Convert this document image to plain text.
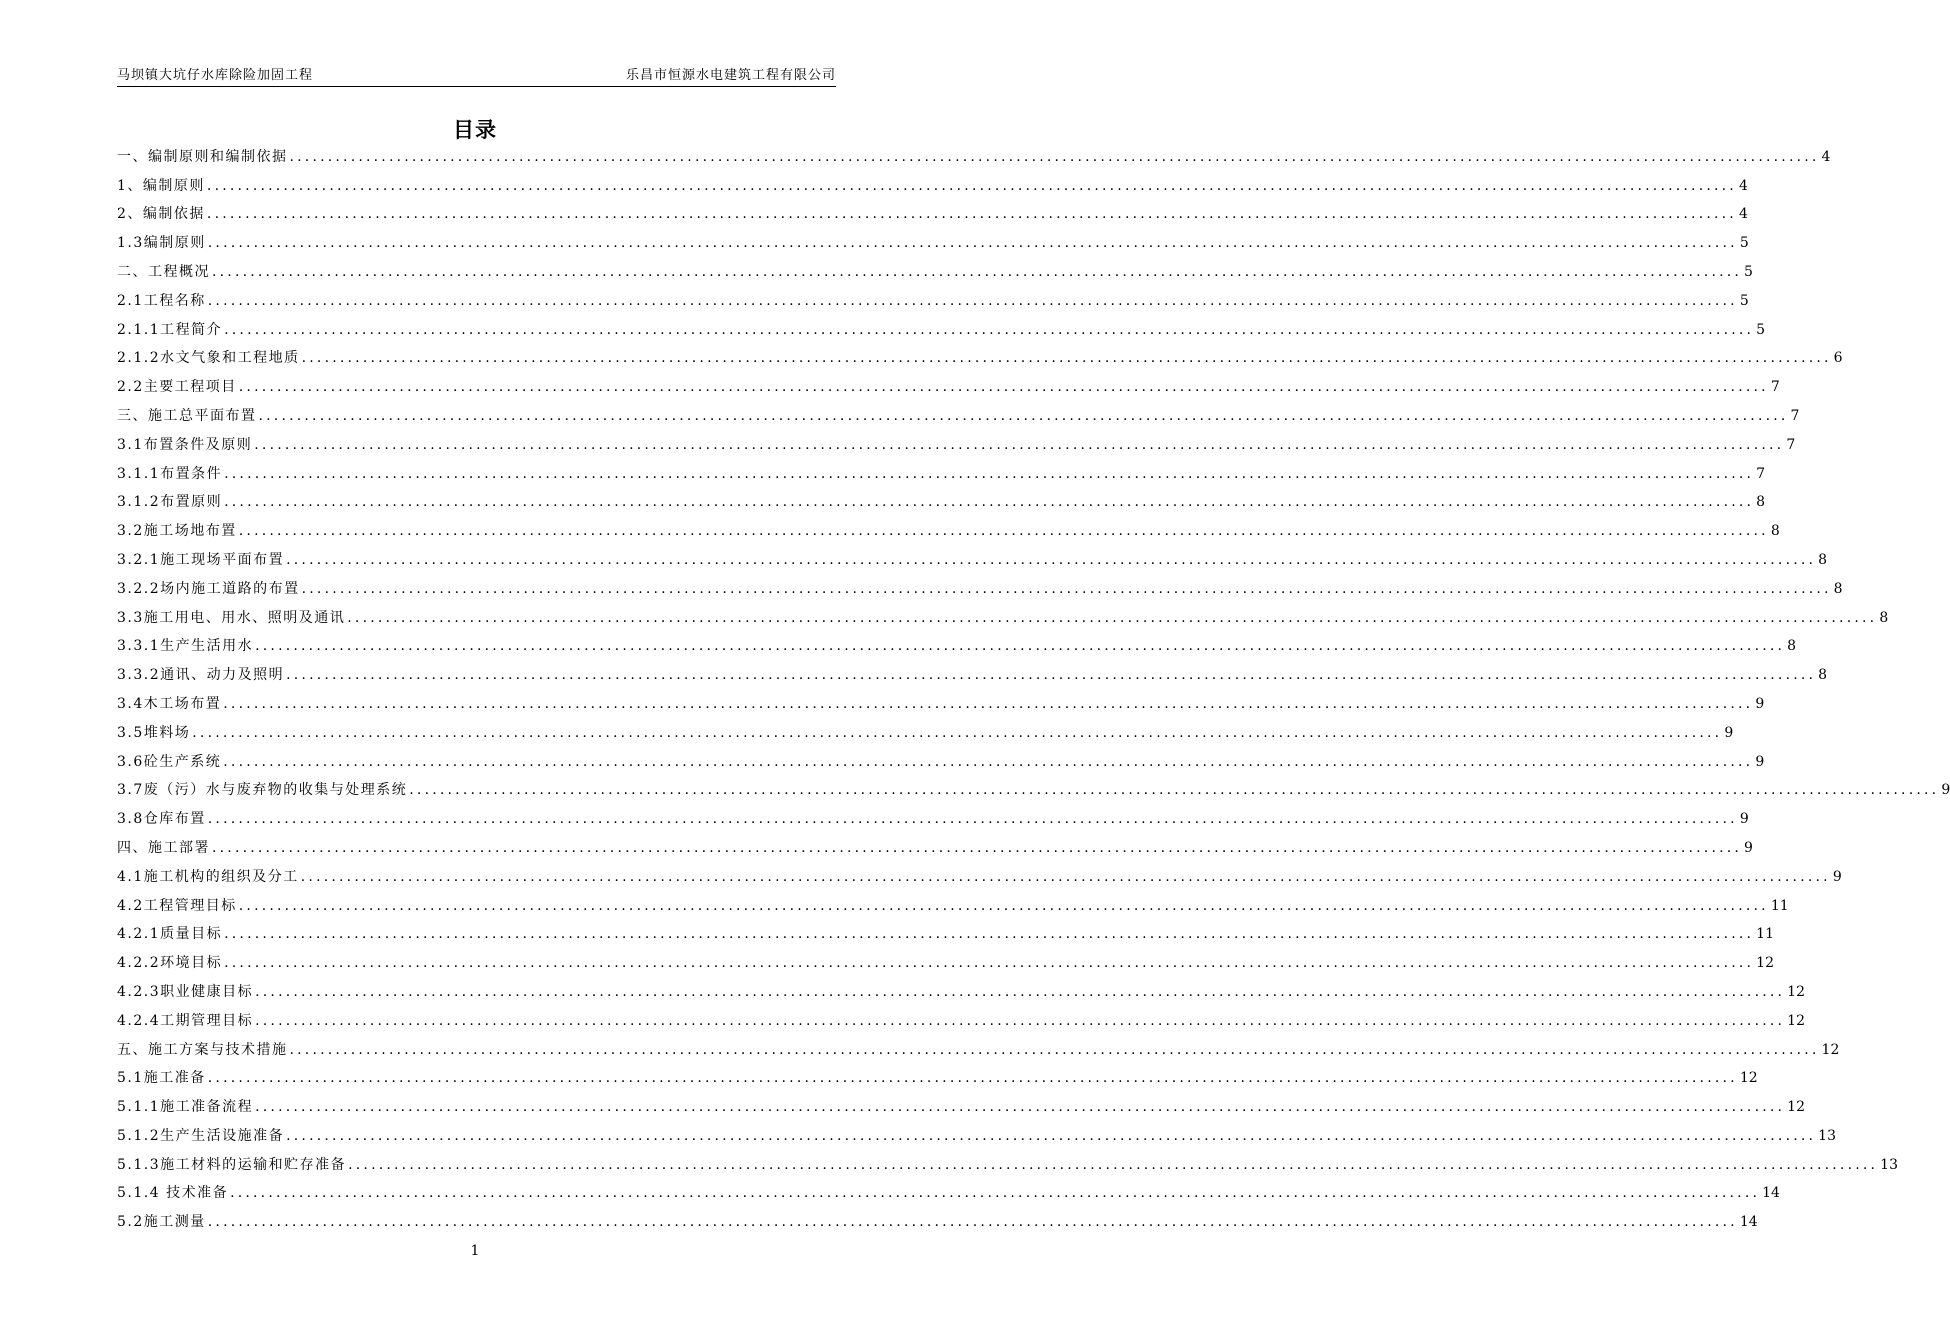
马坝镇大坑仔水库除险加固工程	乐昌市恒源水电建筑工程有限公司
目录
一、编制原则和编制依据 ........................................................................................................................................................................................................ 4
1、编制原则 ........................................................................................................................................................................................................ 4
2、编制依据 ........................................................................................................................................................................................................ 4
1.3编制原则 ........................................................................................................................................................................................................ 5
二、工程概况 ........................................................................................................................................................................................................ 5
2.1工程名称 ........................................................................................................................................................................................................ 5
2.1.1工程简介 ........................................................................................................................................................................................................ 5
2.1.2水文气象和工程地质 ........................................................................................................................................................................................................ 6
2.2主要工程项目 ........................................................................................................................................................................................................ 7
三、施工总平面布置 ........................................................................................................................................................................................................ 7
3.1布置条件及原则 ........................................................................................................................................................................................................ 7
3.1.1布置条件 ........................................................................................................................................................................................................ 7
3.1.2布置原则 ........................................................................................................................................................................................................ 8
3.2施工场地布置 ........................................................................................................................................................................................................ 8
3.2.1施工现场平面布置 ........................................................................................................................................................................................................ 8
3.2.2场内施工道路的布置 ........................................................................................................................................................................................................ 8
3.3施工用电、用水、照明及通讯 ........................................................................................................................................................................................................ 8
3.3.1生产生活用水 ........................................................................................................................................................................................................ 8
3.3.2通讯、动力及照明 ........................................................................................................................................................................................................ 8
3.4木工场布置 ........................................................................................................................................................................................................ 9
3.5堆料场 ........................................................................................................................................................................................................ 9
3.6砼生产系统 ........................................................................................................................................................................................................ 9
3.7废（污）水与废弃物的收集与处理系统 ........................................................................................................................................................................................................ 9
3.8仓库布置 ........................................................................................................................................................................................................ 9
四、施工部署 ........................................................................................................................................................................................................ 9
4.1施工机构的组织及分工 ........................................................................................................................................................................................................ 9
4.2工程管理目标 ........................................................................................................................................................................................................ 11
4.2.1质量目标 ........................................................................................................................................................................................................ 11
4.2.2环境目标 ........................................................................................................................................................................................................ 12
4.2.3职业健康目标 ........................................................................................................................................................................................................ 12
4.2.4工期管理目标 ........................................................................................................................................................................................................ 12
五、施工方案与技术措施 ........................................................................................................................................................................................................ 12
5.1施工准备 ........................................................................................................................................................................................................ 12
5.1.1施工准备流程 ........................................................................................................................................................................................................ 12
5.1.2生产生活设施准备 ........................................................................................................................................................................................................ 13
5.1.3施工材料的运输和贮存准备 ........................................................................................................................................................................................................ 13
5.1.4 技术准备 ........................................................................................................................................................................................................ 14
5.2施工测量 ........................................................................................................................................................................................................ 14
1
